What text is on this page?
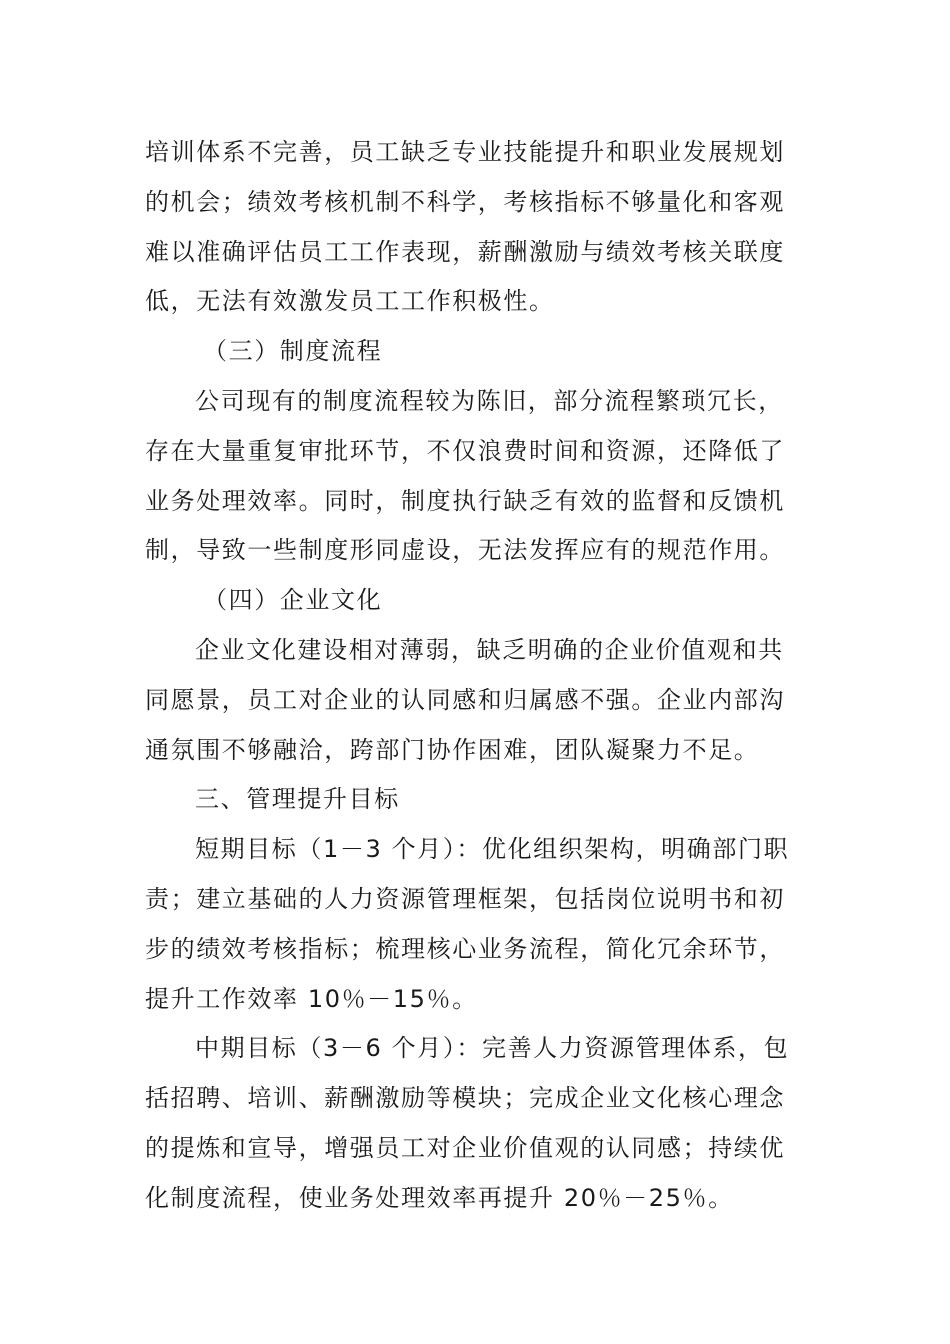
培训体系不完善，员工缺乏专业技能提升和职业发展规划
的机会；绩效考核机制不科学，考核指标不够量化和客观
难以准确评估员工工作表现，薪酬激励与绩效考核关联度
低，无法有效激发员工工作积极性。
（三）制度流程
公司现有的制度流程较为陈旧，部分流程繁琐冗长，
存在大量重复审批环节，不仅浪费时间和资源，还降低了
业务处理效率。同时，制度执行缺乏有效的监督和反馈机
制，导致一些制度形同虚设，无法发挥应有的规范作用。
（四）企业文化
企业文化建设相对薄弱，缺乏明确的企业价值观和共
同愿景，员工对企业的认同感和归属感不强。企业内部沟
通氛围不够融洽，跨部门协作困难，团队凝聚力不足。
三、管理提升目标
短期目标（1－3 个月）：优化组织架构，明确部门职
责；建立基础的人力资源管理框架，包括岗位说明书和初
步的绩效考核指标；梳理核心业务流程，简化冗余环节，
提升工作效率 10％－15％。
中期目标（3－6 个月）：完善人力资源管理体系，包
括招聘、培训、薪酬激励等模块；完成企业文化核心理念
的提炼和宣导，增强员工对企业价值观的认同感；持续优
化制度流程，使业务处理效率再提升 20％－25％。
